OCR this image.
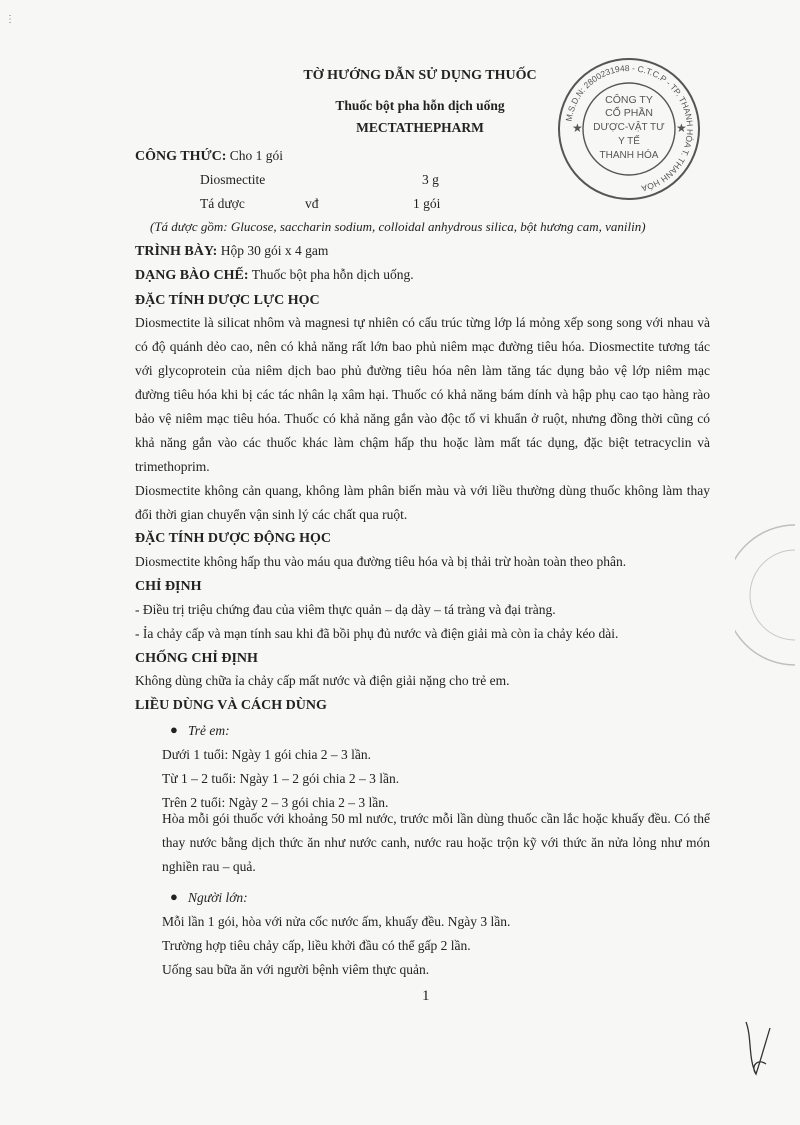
⋮
TỜ HƯỚNG DẪN SỬ DỤNG THUỐC
Thuốc bột pha hỗn dịch uống
MECTATHEPHARM	★	★
CÔNG TY
CỔ PHẦN
DƯỢC-VẬT TƯ
Y TẾ
THANH HÓA
M.S.D.N: 2800231948 - C.T.C.P - TP. THANH HÓA T. THANH HÓA
CÔNG THỨC: Cho 1 gói
Diosmectite	3 g
Tá dược	vđ	1 gói
(Tá dược gồm: Glucose, saccharin sodium, colloidal anhydrous silica, bột hương cam, vanilin)
TRÌNH BÀY: Hộp 30 gói x 4 gam
DẠNG BÀO CHẾ: Thuốc bột pha hỗn dịch uống.
ĐẶC TÍNH DƯỢC LỰC HỌC

Diosmectite là silicat nhôm và magnesi tự nhiên có cấu trúc từng lớp lá mỏng xếp song song với nhau và có độ quánh dẻo cao, nên có khả năng rất lớn bao phủ niêm mạc đường tiêu hóa. Diosmectite tương tác với glycoprotein của niêm dịch bao phủ đường tiêu hóa nên làm tăng tác dụng bảo vệ lớp niêm mạc đường tiêu hóa khi bị các tác nhân lạ xâm hại. Thuốc có khả năng bám dính và hập phụ cao tạo hàng rào bảo vệ niêm mạc tiêu hóa. Thuốc có khả năng gắn vào độc tố vi khuẩn ở ruột, nhưng đồng thời cũng có khả năng gắn vào các thuốc khác làm chậm hấp thu hoặc làm mất tác dụng, đặc biệt tetracyclin và trimethoprim.

Diosmectite không cản quang, không làm phân biến màu và với liều thường dùng thuốc không làm thay đổi thời gian chuyển vận sinh lý các chất qua ruột.

ĐẶC TÍNH DƯỢC ĐỘNG HỌC
Diosmectite không hấp thu vào máu qua đường tiêu hóa và bị thải trừ hoàn toàn theo phân.
CHỈ ĐỊNH
- Điều trị triệu chứng đau của viêm thực quản – dạ dày – tá tràng và đại tràng.
- Ỉa chảy cấp và mạn tính sau khi đã bồi phụ đủ nước và điện giải mà còn ỉa chảy kéo dài.
CHỐNG CHỈ ĐỊNH
Không dùng chữa ỉa chảy cấp mất nước và điện giải nặng cho trẻ em.
LIỀU DÙNG VÀ CÁCH DÙNG
● Trẻ em:
Dưới 1 tuổi: Ngày 1 gói chia 2 – 3 lần.
Từ 1 – 2 tuổi: Ngày 1 – 2 gói chia 2 – 3 lần.
Trên 2 tuổi: Ngày 2 – 3 gói chia 2 – 3 lần.

Hòa mỗi gói thuốc với khoảng 50 ml nước, trước mỗi lần dùng thuốc cần lắc hoặc khuấy đều. Có thể thay nước bằng dịch thức ăn như nước canh, nước rau hoặc trộn kỹ với thức ăn nửa lỏng như món nghiền rau – quả.

● Người lớn:
Mỗi lần 1 gói, hòa với nửa cốc nước ấm, khuấy đều. Ngày 3 lần.
Trường hợp tiêu chảy cấp, liều khởi đầu có thể gấp 2 lần.
Uống sau bữa ăn với người bệnh viêm thực quản.
1
